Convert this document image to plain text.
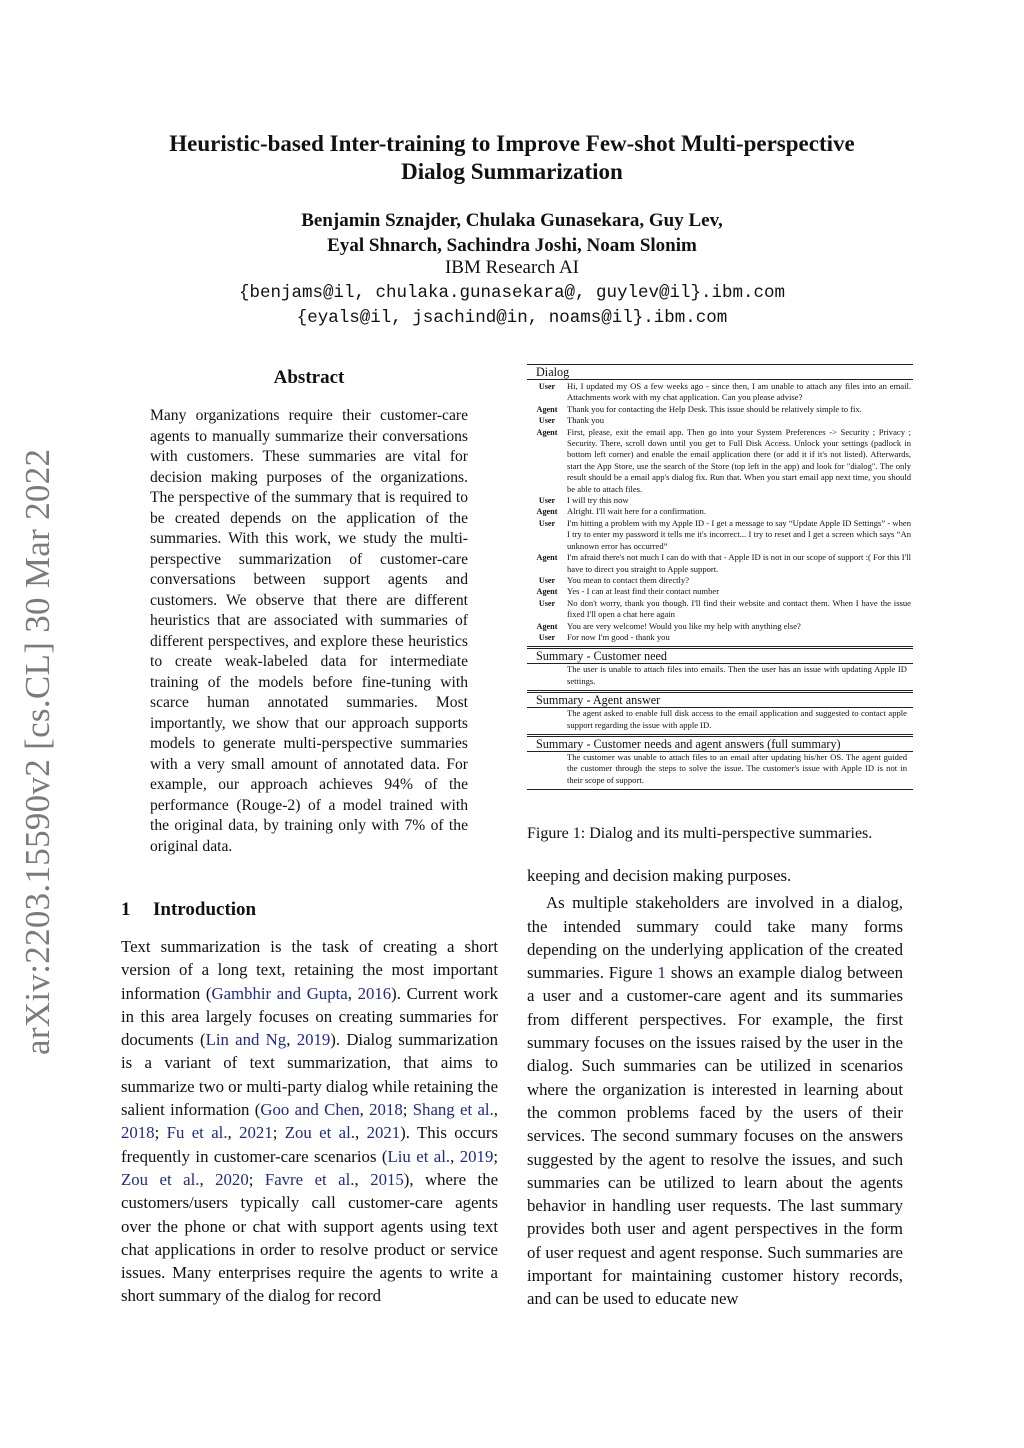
arXiv:2203.15590v2 [cs.CL] 30 Mar 2022
Heuristic-based Inter-training to Improve Few-shot Multi-perspective
Dialog Summarization
Benjamin Sznajder, Chulaka Gunasekara, Guy Lev,
Eyal Shnarch, Sachindra Joshi, Noam Slonim
IBM Research AI
{benjams@il, chulaka.gunasekara@, guylev@il}.ibm.com
{eyals@il, jsachind@in, noams@il}.ibm.com
Abstract
Many organizations require their customer-care agents to manually summarize their conversations with customers. These summaries are vital for decision making purposes of the organizations. The perspective of the summary that is required to be created depends on the application of the summaries. With this work, we study the multi-perspective summarization of customer-care conversations between support agents and customers. We observe that there are different heuristics that are associated with summaries of different perspectives, and explore these heuristics to create weak-labeled data for intermediate training of the models before fine-tuning with scarce human annotated summaries. Most importantly, we show that our approach supports models to generate multi-perspective summaries with a very small amount of annotated data. For example, our approach achieves 94% of the performance (Rouge-2) of a model trained with the original data, by training only with 7% of the original data.
1 Introduction

Text summarization is the task of creating a short version of a long text, retaining the most important information (Gambhir and Gupta, 2016). Current work in this area largely focuses on creating summaries for documents (Lin and Ng, 2019). Dialog summarization is a variant of text summarization, that aims to summarize two or multi-party dialog while retaining the salient information (Goo and Chen, 2018; Shang et al., 2018; Fu et al., 2021; Zou et al., 2021). This occurs frequently in customer-care scenarios (Liu et al., 2019; Zou et al., 2020; Favre et al., 2015), where the customers/users typically call customer-care agents over the phone or chat with support agents using text chat applications in order to resolve product or service issues. Many enterprises require the agents to write a short summary of the dialog for record

Dialog
User	Hi, I updated my OS a few weeks ago - since then, I am unable to attach any files into an email. Attachments work with my chat application. Can you please advise?
Agent	Thank you for contacting the Help Desk. This issue should be relatively simple to fix.
User	Thank you
Agent	First, please, exit the email app. Then go into your System Preferences -> Security ; Privacy ; Security. There, scroll down until you get to Full Disk Access. Unlock your settings (padlock in bottom left corner) and enable the email application there (or add it if it's not listed). Afterwards, start the App Store, use the search of the Store (top left in the app) and look for "dialog". The only result should be a email app's dialog fix. Run that. When you start email app next time, you should be able to attach files.
User	I will try this now
Agent	Alright. I'll wait here for a confirmation.
User	I'm hitting a problem with my Apple ID - I get a message to say “Update Apple ID Settings” - when I try to enter my password it tells me it's incorrect... I try to reset and I get a screen which says “An unknown error has occurred”
Agent	I'm afraid there's not much I can do with that - Apple ID is not in our scope of support :( For this I'll have to direct you straight to Apple support.
User	You mean to contact them directly?
Agent	Yes - I can at least find their contact number
User	No don't worry, thank you though. I'll find their website and contact them. When I have the issue fixed I'll open a chat here again
Agent	You are very welcome! Would you like my help with anything else?
User	For now I'm good - thank you
Summary - Customer need
The user is unable to attach files into emails. Then the user has an issue with updating Apple ID settings.
Summary - Agent answer
The agent asked to enable full disk access to the email application and suggested to contact apple support regarding the issue with apple ID.
Summary - Customer needs and agent answers (full summary)
The customer was unable to attach files to an email after updating his/her OS. The agent guided the customer through the steps to solve the issue. The customer's issue with Apple ID is not in their scope of support.
Figure 1: Dialog and its multi-perspective summaries.

keeping and decision making purposes.

As multiple stakeholders are involved in a dialog, the intended summary could take many forms depending on the underlying application of the created summaries. Figure 1 shows an example dialog between a user and a customer-care agent and its summaries from different perspectives. For example, the first summary focuses on the issues raised by the user in the dialog. Such summaries can be utilized in scenarios where the organization is interested in learning about the common problems faced by the users of their services. The second summary focuses on the answers suggested by the agent to resolve the issues, and such summaries can be utilized to learn about the agents behavior in handling user requests. The last summary provides both user and agent perspectives in the form of user request and agent response. Such summaries are important for maintaining customer history records, and can be used to educate new
